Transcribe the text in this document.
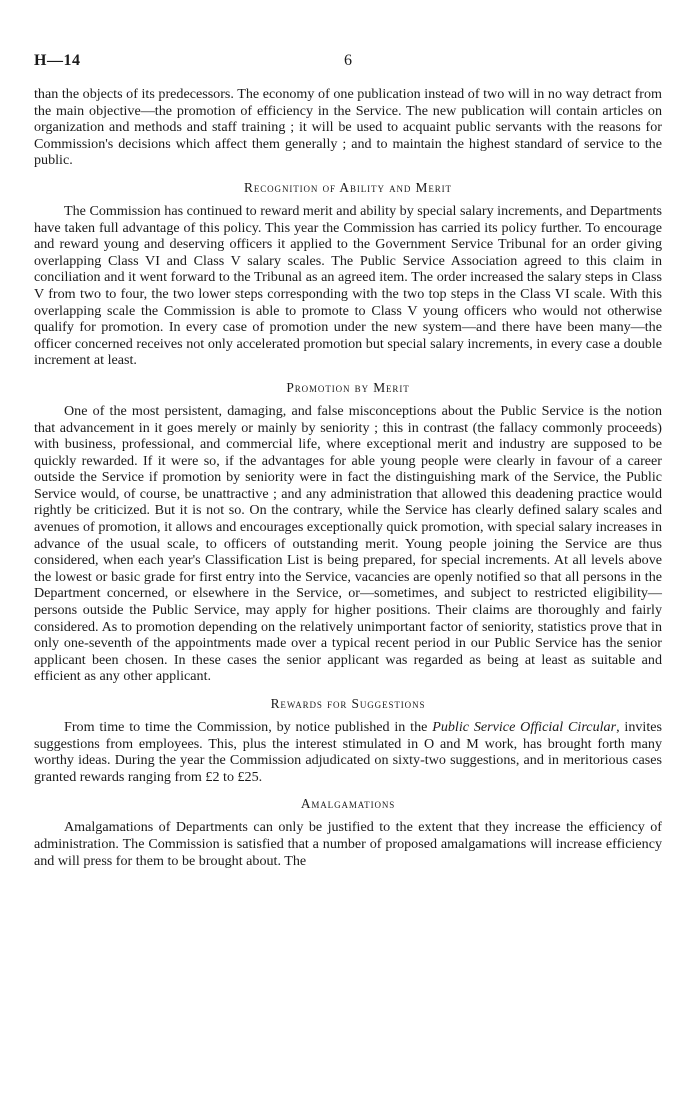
H—14	6

than the objects of its predecessors. The economy of one publication instead of two will in no way detract from the main objective—the promotion of efficiency in the Service. The new publication will contain articles on organization and methods and staff training ; it will be used to acquaint public servants with the reasons for Commission's decisions which affect them generally ; and to maintain the highest standard of service to the public.

Recognition of Ability and Merit

The Commission has continued to reward merit and ability by special salary increments, and Departments have taken full advantage of this policy. This year the Commission has carried its policy further. To encourage and reward young and deserving officers it applied to the Government Service Tribunal for an order giving overlapping Class VI and Class V salary scales. The Public Service Association agreed to this claim in conciliation and it went forward to the Tribunal as an agreed item. The order increased the salary steps in Class V from two to four, the two lower steps corresponding with the two top steps in the Class VI scale. With this overlapping scale the Commission is able to promote to Class V young officers who would not otherwise qualify for promotion. In every case of promotion under the new system—and there have been many—the officer concerned receives not only accelerated promotion but special salary increments, in every case a double increment at least.

Promotion by Merit

One of the most persistent, damaging, and false misconceptions about the Public Service is the notion that advancement in it goes merely or mainly by seniority ; this in contrast (the fallacy commonly proceeds) with business, professional, and commercial life, where exceptional merit and industry are supposed to be quickly rewarded. If it were so, if the advantages for able young people were clearly in favour of a career outside the Service if promotion by seniority were in fact the distinguishing mark of the Service, the Public Service would, of course, be unattractive ; and any administration that allowed this deadening practice would rightly be criticized. But it is not so. On the contrary, while the Service has clearly defined salary scales and avenues of promotion, it allows and encourages exceptionally quick promotion, with special salary increases in advance of the usual scale, to officers of outstanding merit. Young people joining the Service are thus considered, when each year's Classification List is being prepared, for special increments. At all levels above the lowest or basic grade for first entry into the Service, vacancies are openly notified so that all persons in the Department concerned, or elsewhere in the Service, or—sometimes, and subject to restricted eligibility—persons outside the Public Service, may apply for higher positions. Their claims are thoroughly and fairly considered. As to promotion depending on the relatively unimportant factor of seniority, statistics prove that in only one-seventh of the appointments made over a typical recent period in our Public Service has the senior applicant been chosen. In these cases the senior applicant was regarded as being at least as suitable and efficient as any other applicant.

Rewards for Suggestions

From time to time the Commission, by notice published in the Public Service Official Circular, invites suggestions from employees. This, plus the interest stimulated in O and M work, has brought forth many worthy ideas. During the year the Commission adjudicated on sixty-two suggestions, and in meritorious cases granted rewards ranging from £2 to £25.

Amalgamations

Amalgamations of Departments can only be justified to the extent that they increase the efficiency of administration. The Commission is satisfied that a number of proposed amalgamations will increase efficiency and will press for them to be brought about. The
